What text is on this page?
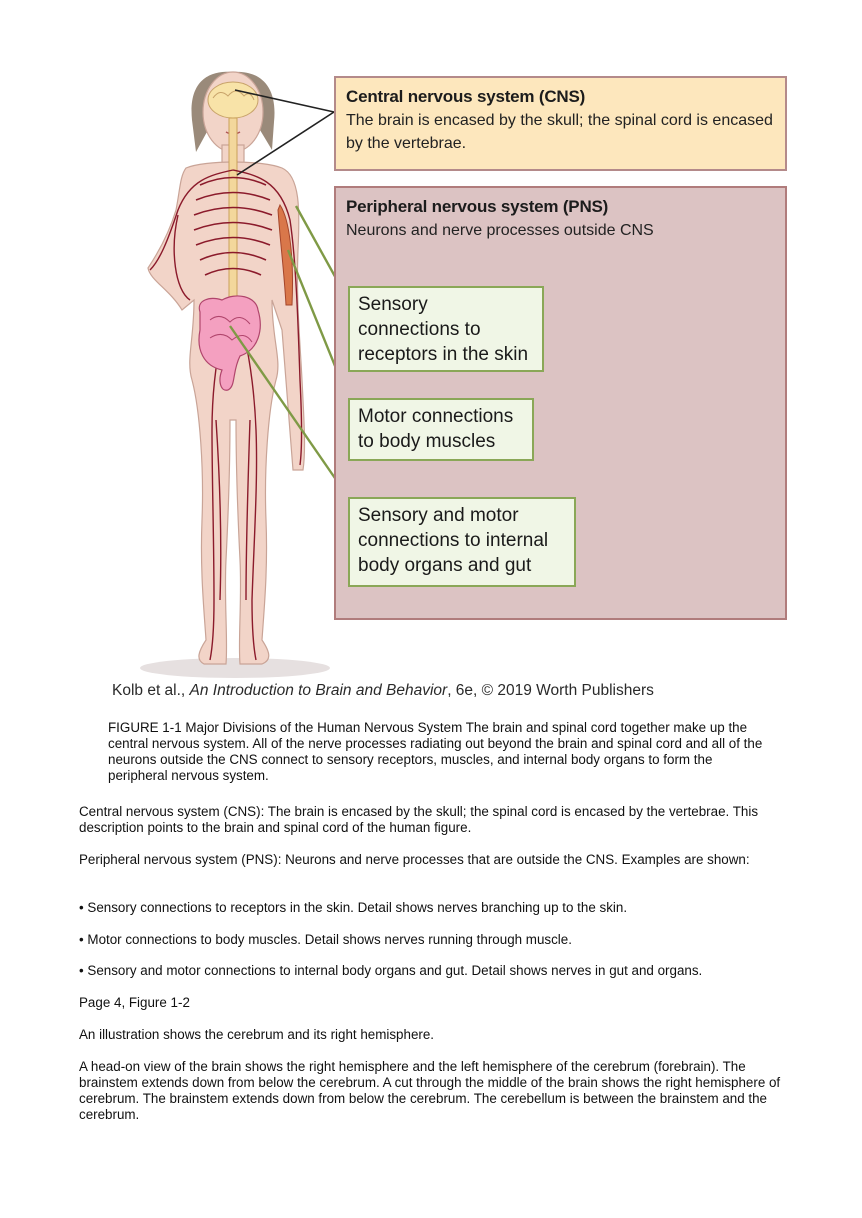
Central nervous system (CNS)
The brain is encased by the skull; the spinal cord is encased by the vertebrae.
Peripheral nervous system (PNS)
Neurons and nerve processes outside CNS
Sensory connections to receptors in the skin
Motor connections to body muscles
Sensory and motor connections to internal body organs and gut
Kolb et al., An Introduction to Brain and Behavior, 6e, © 2019 Worth Publishers
FIGURE 1-1 Major Divisions of the Human Nervous System The brain and spinal cord together make up the central nervous system. All of the nerve processes radiating out beyond the brain and spinal cord and all of the neurons outside the CNS connect to sensory receptors, muscles, and internal body organs to form the peripheral nervous system.

Central nervous system (CNS): The brain is encased by the skull; the spinal cord is encased by the vertebrae. This description points to the brain and spinal cord of the human figure.

Peripheral nervous system (PNS): Neurons and nerve processes that are outside the CNS. Examples are shown:

• Sensory connections to receptors in the skin. Detail shows nerves branching up to the skin.

• Motor connections to body muscles. Detail shows nerves running through muscle.

• Sensory and motor connections to internal body organs and gut. Detail shows nerves in gut and organs.

Page 4, Figure 1-2

An illustration shows the cerebrum and its right hemisphere.

A head-on view of the brain shows the right hemisphere and the left hemisphere of the cerebrum (forebrain). The brainstem extends down from below the cerebrum. A cut through the middle of the brain shows the right hemisphere of cerebrum. The brainstem extends down from below the cerebrum. The cerebellum is between the brainstem and the cerebrum.
